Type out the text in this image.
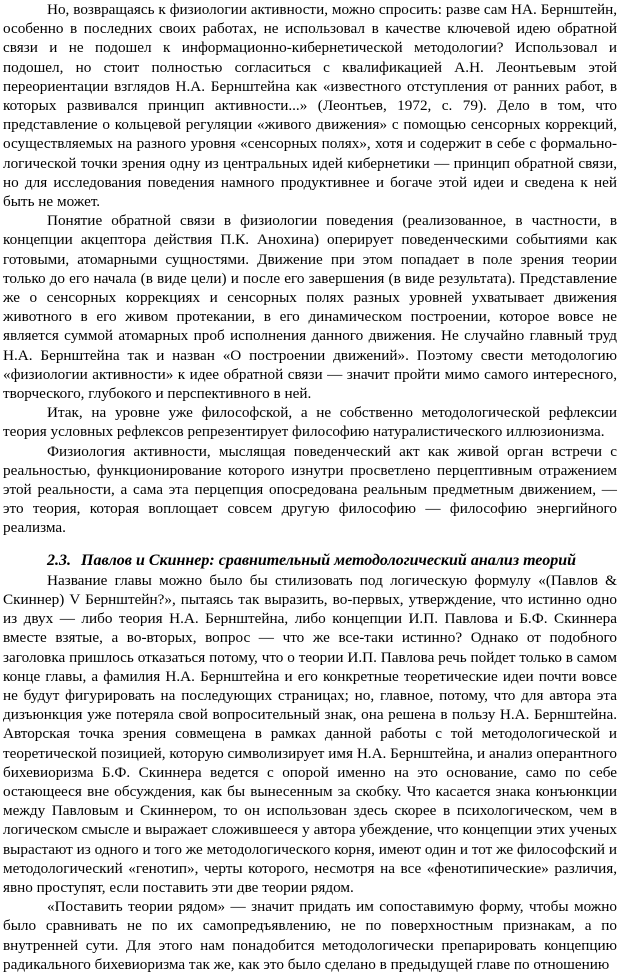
Но, возвращаясь к физиологии активности, можно спросить: разве сам НА. Бернштейн, особенно в последних своих работах, не использовал в качестве ключевой идею обратной связи и не подошел к информационно-кибернетической методологии? Использовал и подошел, но стоит полностью согласиться с квалификацией А.Н. Леонтьевым этой переориентации взглядов Н.А. Бернштейна как «известного отступления от ранних работ, в которых развивался принцип активности...» (Леонтьев, 1972, с. 79). Дело в том, что представление о кольцевой регуляции «живого движения» с помощью сенсорных коррекций, осуществляемых на разного уровня «сенсорных полях», хотя и содержит в себе с формально-логической точки зрения одну из центральных идей кибернетики — принцип обратной связи, но для исследования поведения намного продуктивнее и богаче этой идеи и сведена к ней быть не может.

Понятие обратной связи в физиологии поведения (реализованное, в частности, в концепции акцептора действия П.К. Анохина) оперирует поведенческими событиями как готовыми, атомарными сущностями. Движение при этом попадает в поле зрения теории только до его начала (в виде цели) и после его завершения (в виде результата). Представление же о сенсорных коррекциях и сенсорных полях разных уровней ухватывает движения животного в его живом протекании, в его динамическом построении, которое вовсе не является суммой атомарных проб исполнения данного движения. Не случайно главный труд Н.А. Бернштейна так и назван «О построении движений». Поэтому свести методологию «физиологии активности» к идее обратной связи — значит пройти мимо самого интересного, творческого, глубокого и перспективного в ней.

Итак, на уровне уже философской, а не собственно методологической рефлексии теория условных рефлексов репрезентирует философию натуралистического иллюзионизма.

Физиология активности, мыслящая поведенческий акт как живой орган встречи с реальностью, функционирование которого изнутри просветлено перцептивным отражением этой реальности, а сама эта перцепция опосредована реальным предметным движением, — это теория, которая воплощает совсем другую философию — философию энергийного реализма.

2.3. Павлов и Скиннер: сравнительный методологический анализ теорий

Название главы можно было бы стилизовать под логическую формулу «(Павлов & Скиннер) V Бернштейн?», пытаясь так выразить, во-первых, утверждение, что истинно одно из двух — либо теория Н.А. Бернштейна, либо концепции И.П. Павлова и Б.Ф. Скиннера вместе взятые, а во-вторых, вопрос — что же все-таки истинно? Однако от подобного заголовка пришлось отказаться потому, что о теории И.П. Павлова речь пойдет только в самом конце главы, а фамилия Н.А. Бернштейна и его конкретные теоретические идеи почти вовсе не будут фигурировать на последующих страницах; но, главное, потому, что для автора эта дизъюнкция уже потеряла свой вопросительный знак, она решена в пользу Н.А. Бернштейна. Авторская точка зрения совмещена в рамках данной работы с той методологической и теоретической позицией, которую символизирует имя Н.А. Бернштейна, и анализ оперантного бихевиоризма Б.Ф. Скиннера ведется с опорой именно на это основание, само по себе остающееся вне обсуждения, как бы вынесенным за скобку. Что касается знака конъюнкции между Павловым и Скиннером, то он использован здесь скорее в психологическом, чем в логическом смысле и выражает сложившееся у автора убеждение, что концепции этих ученых вырастают из одного и того же методологического корня, имеют один и тот же философский и методологический «генотип», черты которого, несмотря на все «фенотипические» различия, явно проступят, если поставить эти две теории рядом.

«Поставить теории рядом» — значит придать им сопоставимую форму, чтобы можно было сравнивать не по их самопредъявлению, не по поверхностным признакам, а по внутренней сути. Для этого нам понадобится методологически препарировать концепцию радикального бихевиоризма так же, как это было сделано в предыдущей главе по отношению
